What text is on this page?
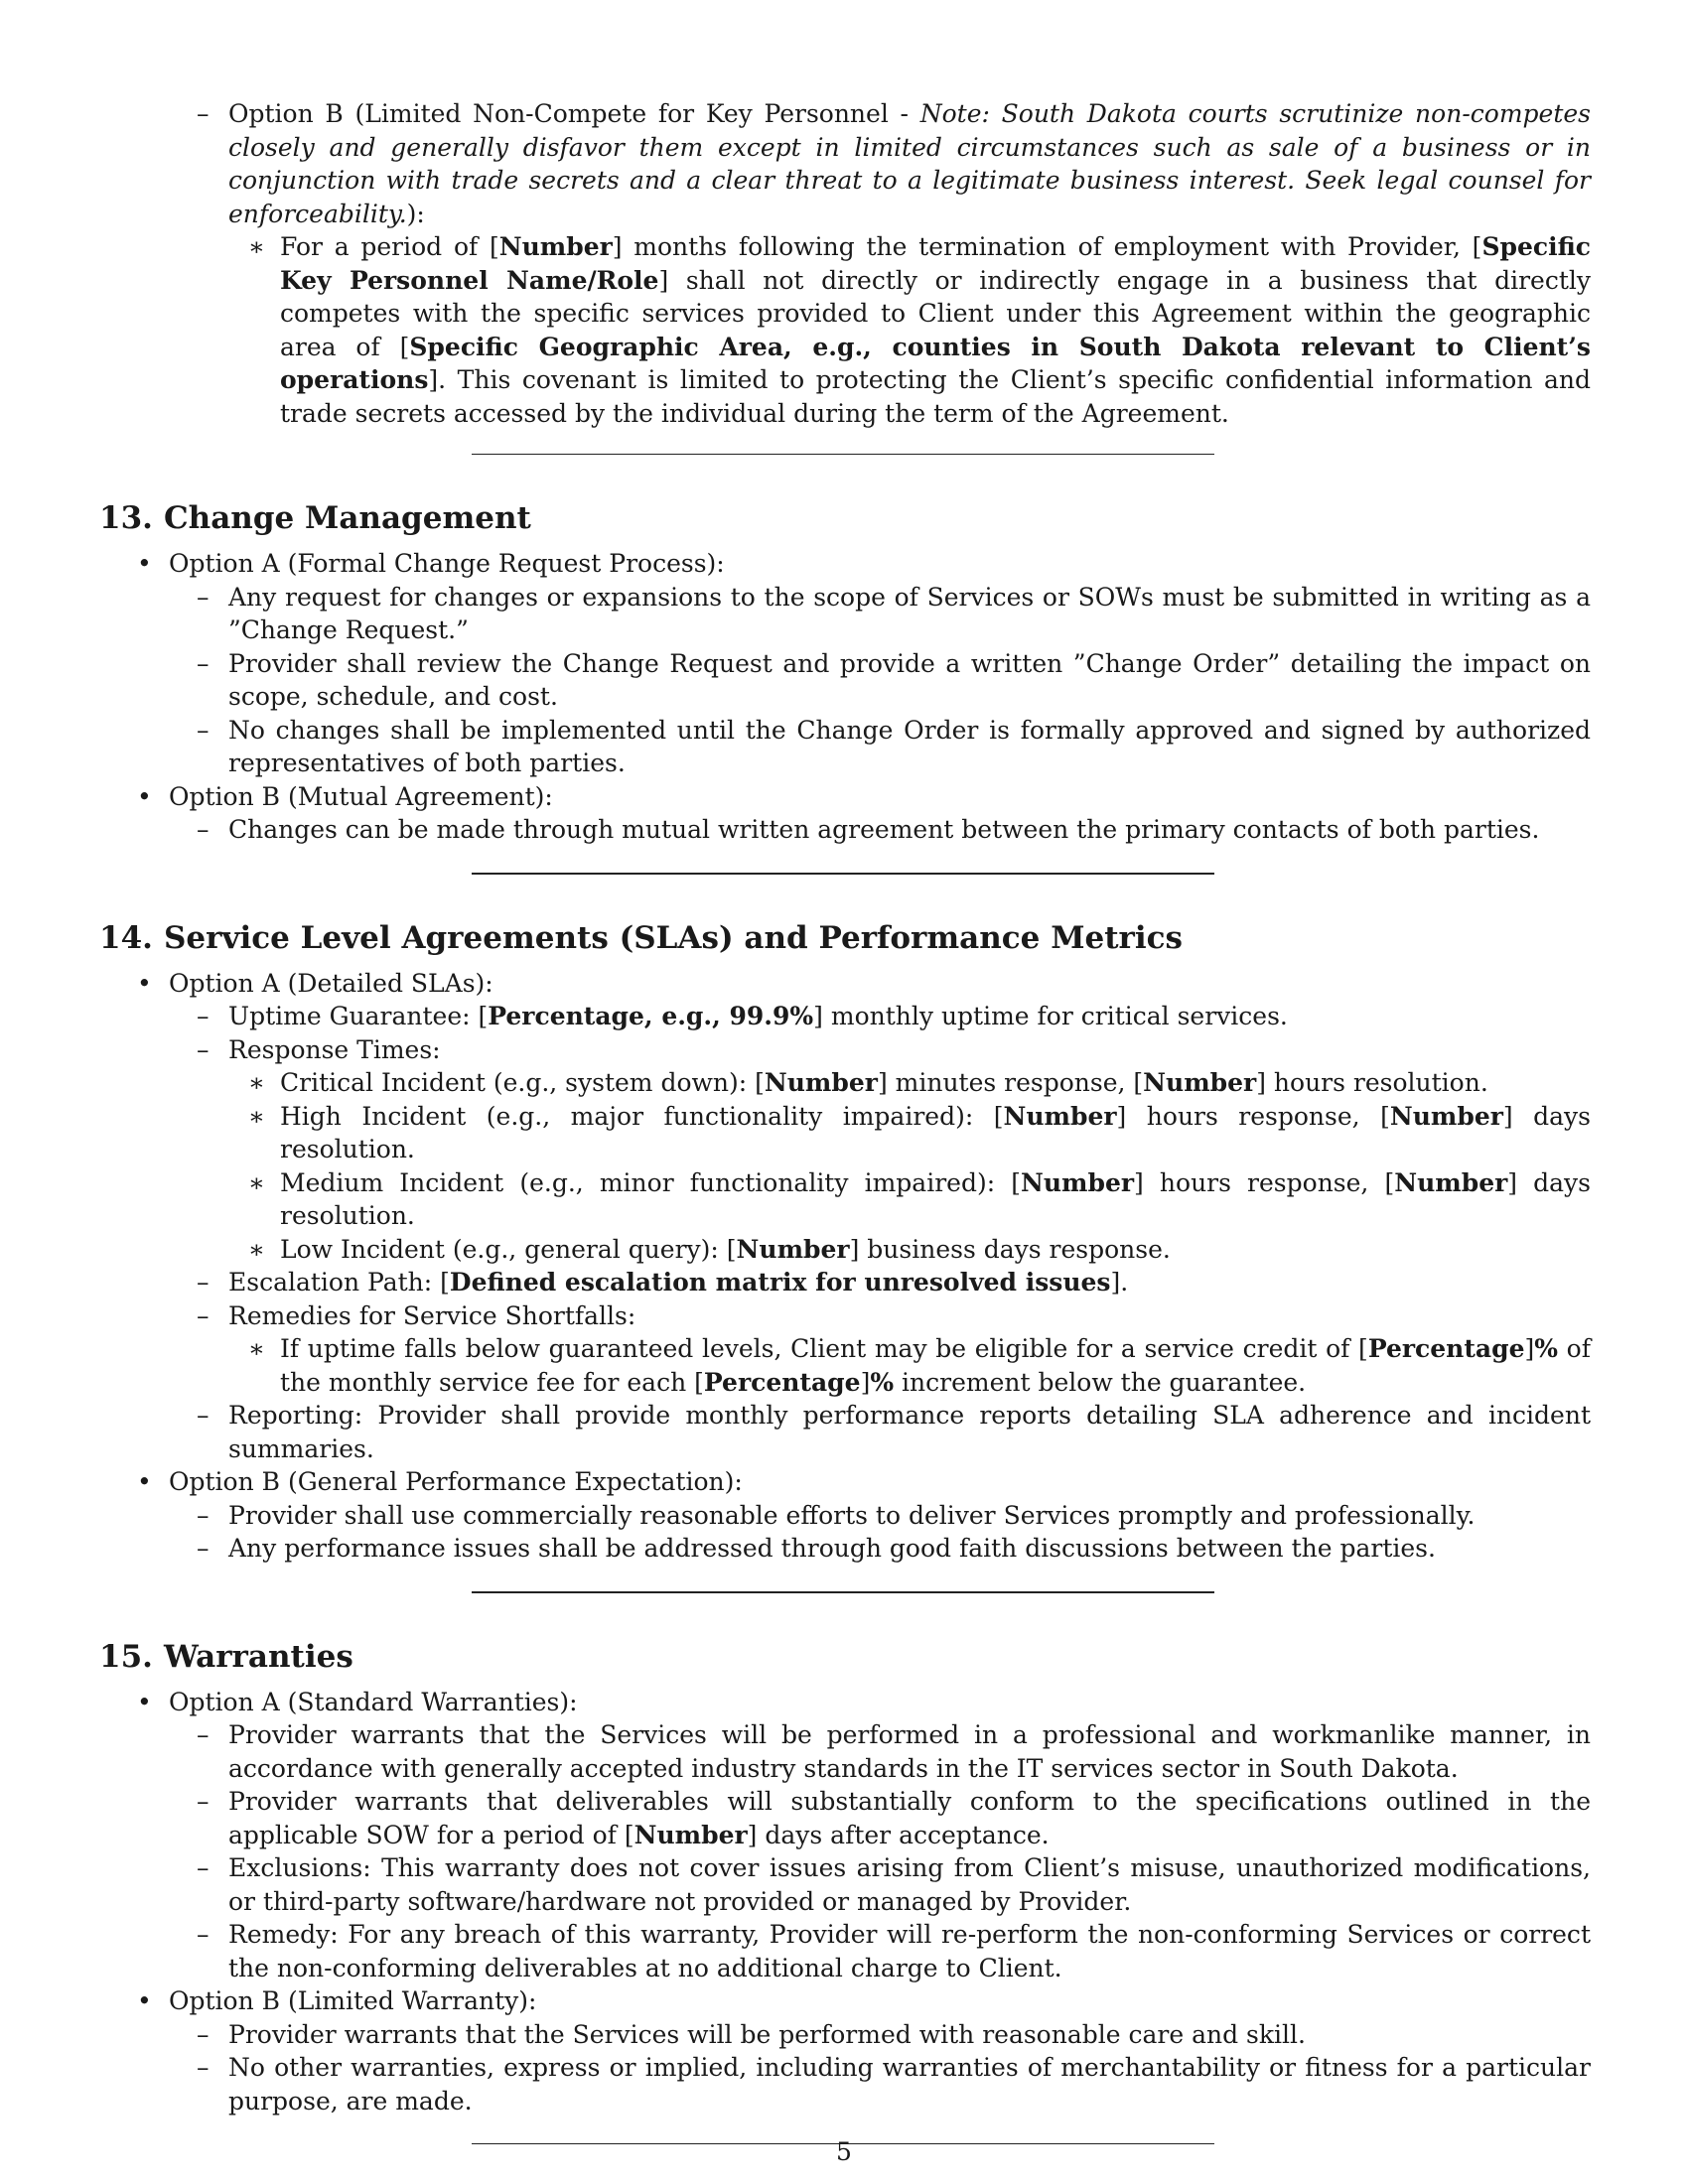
– Option B (Limited Non-Compete for Key Personnel - Note: South Dakota courts scrutinize non-competes closely and generally disfavor them except in limited circumstances such as sale of a business or in conjunction with trade secrets and a clear threat to a legitimate business interest. Seek legal counsel for enforceability.):
∗ For a period of [Number] months following the termination of employment with Provider, [Specific Key Personnel Name/Role] shall not directly or indirectly engage in a business that directly competes with the specific services provided to Client under this Agreement within the geographic area of [Specific Geographic Area, e.g., counties in South Dakota relevant to Client’s operations]. This covenant is limited to protecting the Client’s specific confidential information and trade secrets accessed by the individual during the term of the Agreement.
13. Change Management
• Option A (Formal Change Request Process):
– Any request for changes or expansions to the scope of Services or SOWs must be submitted in writing as a ”Change Request.”
– Provider shall review the Change Request and provide a written ”Change Order” detailing the impact on scope, schedule, and cost.
– No changes shall be implemented until the Change Order is formally approved and signed by authorized representatives of both parties.
• Option B (Mutual Agreement):
– Changes can be made through mutual written agreement between the primary contacts of both parties.
14. Service Level Agreements (SLAs) and Performance Metrics
• Option A (Detailed SLAs):
– Uptime Guarantee: [Percentage, e.g., 99.9%] monthly uptime for critical services.
– Response Times:
∗ Critical Incident (e.g., system down): [Number] minutes response, [Number] hours resolution.
∗ High Incident (e.g., major functionality impaired): [Number] hours response, [Number] days resolution.
∗ Medium Incident (e.g., minor functionality impaired): [Number] hours response, [Number] days resolution.
∗ Low Incident (e.g., general query): [Number] business days response.
– Escalation Path: [Defined escalation matrix for unresolved issues].
– Remedies for Service Shortfalls:
∗ If uptime falls below guaranteed levels, Client may be eligible for a service credit of [Percentage]% of the monthly service fee for each [Percentage]% increment below the guarantee.
– Reporting: Provider shall provide monthly performance reports detailing SLA adherence and incident summaries.
• Option B (General Performance Expectation):
– Provider shall use commercially reasonable efforts to deliver Services promptly and professionally.
– Any performance issues shall be addressed through good faith discussions between the parties.
15. Warranties
• Option A (Standard Warranties):
– Provider warrants that the Services will be performed in a professional and workmanlike manner, in accordance with generally accepted industry standards in the IT services sector in South Dakota.
– Provider warrants that deliverables will substantially conform to the specifications outlined in the applicable SOW for a period of [Number] days after acceptance.
– Exclusions: This warranty does not cover issues arising from Client’s misuse, unauthorized modifications, or third-party software/hardware not provided or managed by Provider.
– Remedy: For any breach of this warranty, Provider will re-perform the non-conforming Services or correct the non-conforming deliverables at no additional charge to Client.
• Option B (Limited Warranty):
– Provider warrants that the Services will be performed with reasonable care and skill.
– No other warranties, express or implied, including warranties of merchantability or fitness for a particular purpose, are made.
5
